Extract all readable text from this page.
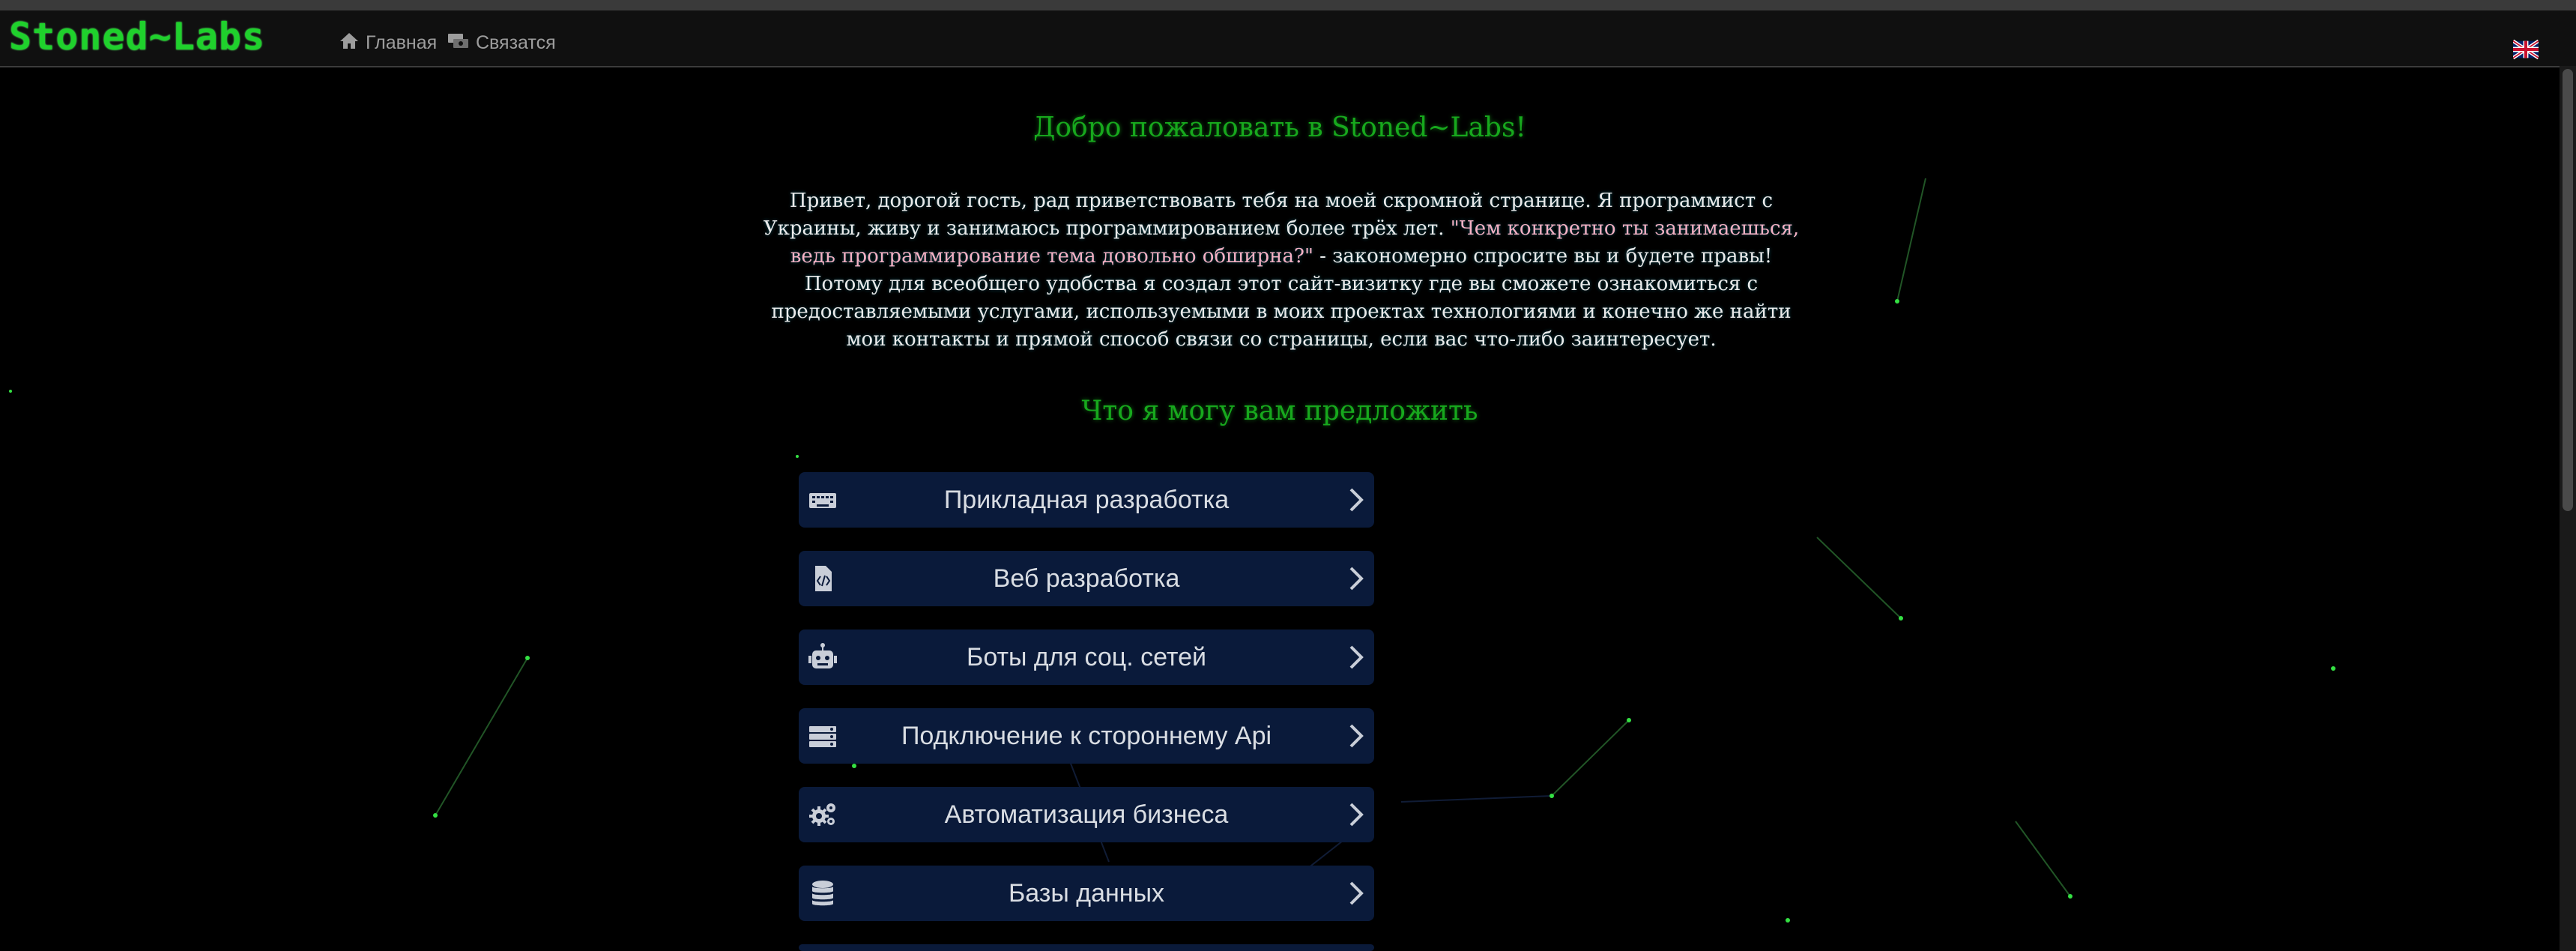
Stoned~Labs	Главная Связатся
Добро пожаловать в Stoned~Labs!
Привет, дорогой гость, рад приветствовать тебя на моей скромной странице. Я программист с Украины, живу и занимаюсь программированием более трёх лет. "Чем конкретно ты занимаешься, ведь программирование тема довольно обширна?" - закономерно спросите вы и будете правы! Потому для всеобщего удобства я создал этот сайт-визитку где вы сможете ознакомиться с предоставляемыми услугами, используемыми в моих проектах технологиями и конечно же найти мои контакты и прямой способ связи со страницы, если вас что-либо заинтересует.
Что я могу вам предложить
Прикладная разработка
Веб разработка
Боты для соц. сетей
Подключение к стороннему Api
Автоматизация бизнеса
Базы данных
